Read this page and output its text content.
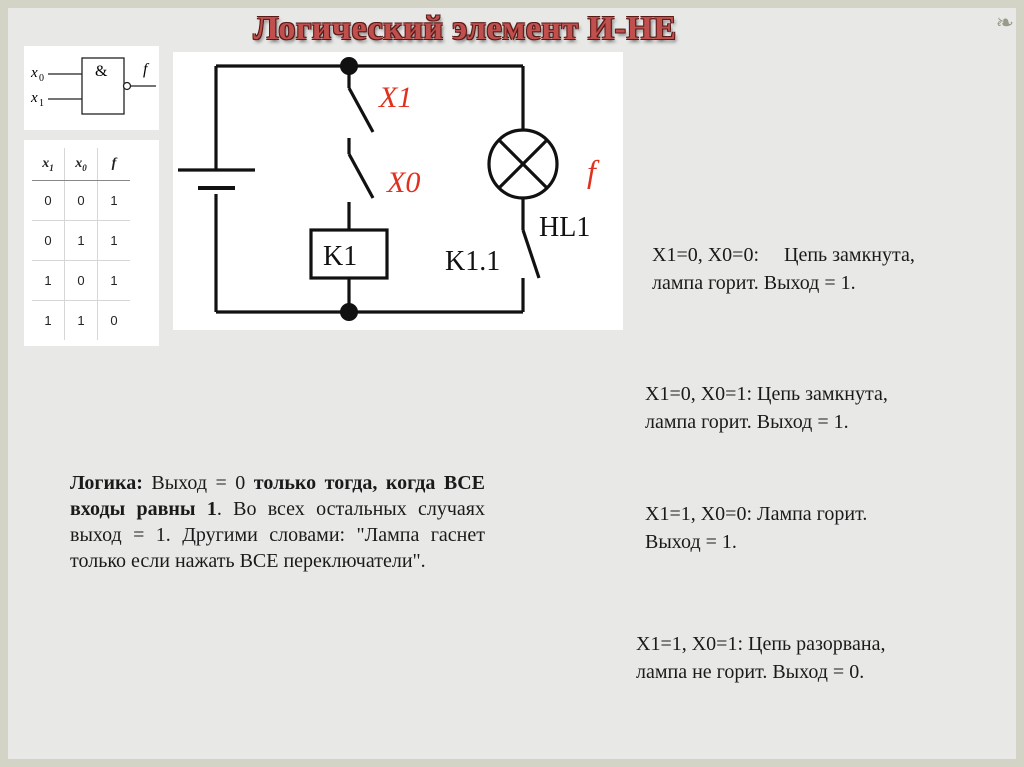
❧
Логический элемент И-НЕ
x 0
x 1
& f
$x_1$	$x_0$	f
0	0	1
0	1	1
1	0	1
1	1	0
X1
X0
K1	K1.1
HL1
f
X1=0, X0=0:     Цепь замкнута,
лампа горит. Выход = 1.
X1=0, X0=1: Цепь замкнута,
лампа горит. Выход = 1.
X1=1, X0=0: Лампа горит.
Выход = 1.
X1=1, X0=1: Цепь разорвана,
лампа не горит. Выход = 0.
Логика: Выход = 0 только тогда, когда ВСЕ входы равны 1. Во всех остальных случаях выход = 1. Другими словами: "Лампа гаснет только если нажать ВСЕ переключатели".
